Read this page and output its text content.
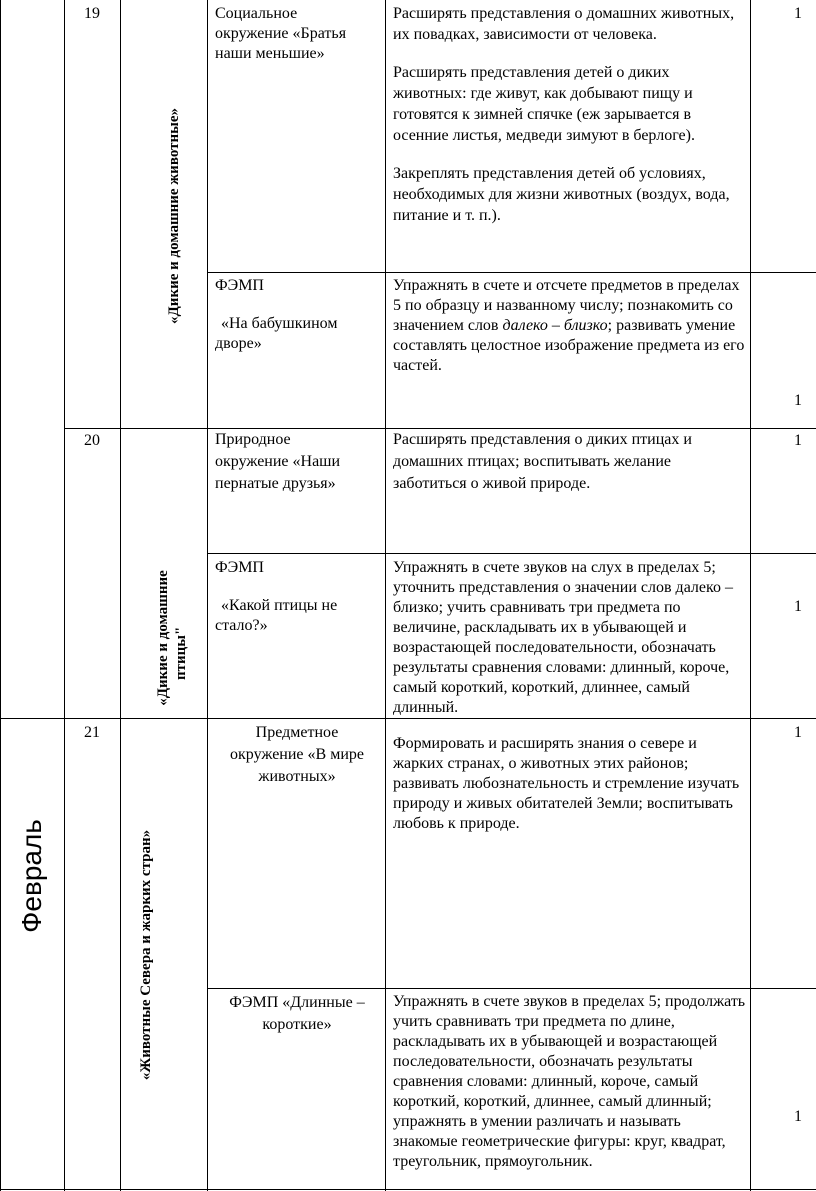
19
«Дикие и домашние животные»

Социальное

окружение «Братья

наши меньшие»

Расширять представления о домашних животных, их повадках, зависимости от человека.

Расширять представления детей о диких животных: где живут, как добывают пищу и готовятся к зимней спячке (еж зарывается в осенние листья, медведи зимуют в берлоге).

Закреплять представления детей об условиях, необходимых для жизни животных (воздух, вода, питание и т. п.).

1

ФЭМП

«На бабушкином

дворе»

Упражнять в счете и отсчете предметов в пределах 5 по образцу и названному числу; познакомить со значением слов далеко – близко; развивать умение составлять целостное изображение предмета из его частей.
1
20
«Дикие и домашние птицы"

Природное

окружение «Наши

пернатые друзья»

Расширять представления о диких птицах и домашних птицах; воспитывать желание заботиться о живой природе.
1

ФЭМП

«Какой птицы не

стало?»

Упражнять в счете звуков на слух в пределах 5; уточнить представления о значении слов далеко – близко; учить сравнивать три предмета по величине, раскладывать их в убывающей и возрастающей последовательности, обозначать результаты сравнения словами: длинный, короче, самый короткий, короткий, длиннее, самый длинный.
1
Февраль
21
«Животные Севера и жарких стран»

Предметное

окружение «В мире

животных»

Формировать и расширять знания о севере и жарких странах, о животных этих районов; развивать любознательность и стремление изучать природу и живых обитателей Земли; воспитывать любовь к природе.
1

ФЭМП «Длинные –

короткие»

Упражнять в счете звуков в пределах 5; продолжать учить сравнивать три предмета по длине, раскладывать их в убывающей и возрастающей последовательности, обозначать результаты сравнения словами: длинный, короче, самый короткий, короткий, длиннее, самый длинный; упражнять в умении различать и называть знакомые геометрические фигуры: круг, квадрат, треугольник, прямоугольник.
1
